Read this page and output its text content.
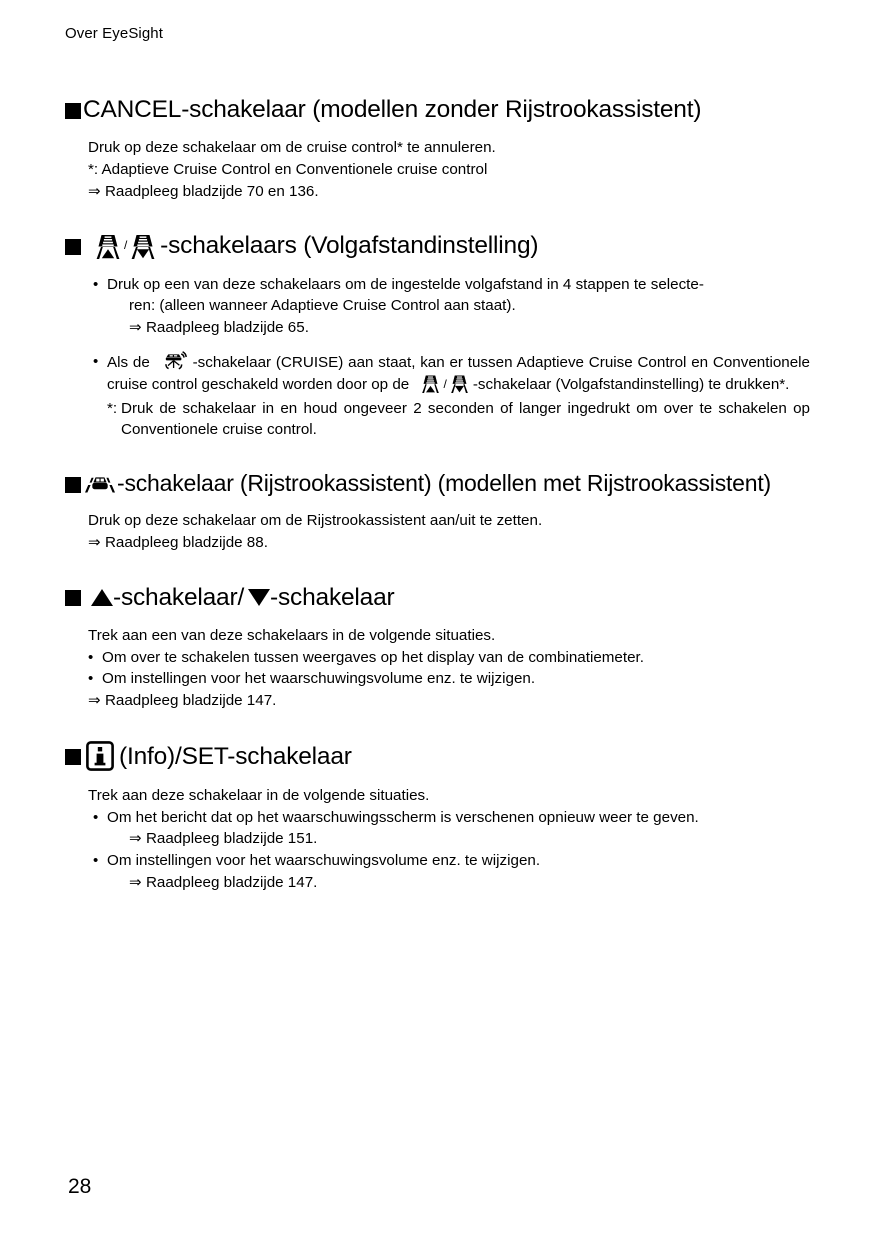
Over EyeSight
CANCEL-schakelaar (modellen zonder Rijstrookassistent)

Druk op deze schakelaar om de cruise control* te annuleren.

*: Adaptieve Cruise Control en Conventionele cruise control

⇒ Raadpleeg bladzijde 70 en 136.

/ -schakelaars (Volgafstandinstelling)
• Druk op een van deze schakelaars om de ingestelde volgafstand in 4 stappen te selecte-

ren: (alleen wanneer Adaptieve Cruise Control aan staat).

⇒ Raadpleeg bladzijde 65.

• Als de	-schakelaar (CRUISE) aan staat, kan er tussen Adaptieve Cruise Control en Conventionele cruise control geschakeld worden door op de	/ -schakelaar (Volgafstandinstelling) te drukken*.

*: Druk de schakelaar in en houd ongeveer 2 seconden of langer ingedrukt om over te schakelen op Conventionele cruise control.

-schakelaar (Rijstrookassistent) (modellen met Rijstrookassistent)

Druk op deze schakelaar om de Rijstrookassistent aan/uit te zetten.

⇒ Raadpleeg bladzijde 88.

-schakelaar/ -schakelaar

Trek aan een van deze schakelaars in de volgende situaties.

• Om over te schakelen tussen weergaves op het display van de combinatiemeter.

• Om instellingen voor het waarschuwingsvolume enz. te wijzigen.

⇒ Raadpleeg bladzijde 147.

(Info)/SET-schakelaar

Trek aan deze schakelaar in de volgende situaties.

• Om het bericht dat op het waarschuwingsscherm is verschenen opnieuw weer te geven.

⇒ Raadpleeg bladzijde 151.

• Om instellingen voor het waarschuwingsvolume enz. te wijzigen.

⇒ Raadpleeg bladzijde 147.

28
